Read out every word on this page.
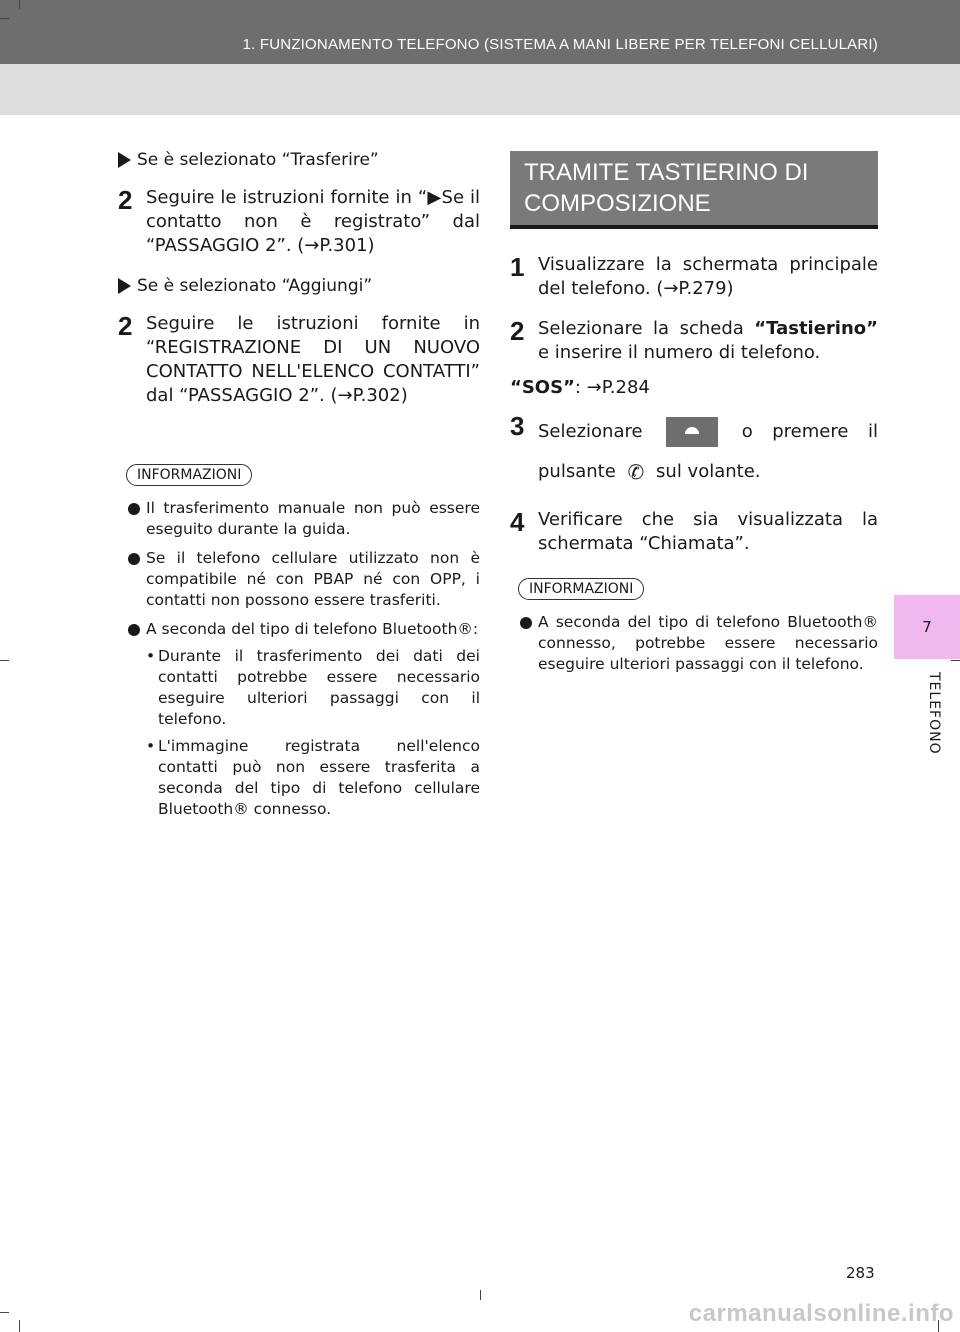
1. FUNZIONAMENTO TELEFONO (SISTEMA A MANI LIBERE PER TELEFONI CELLULARI)
7
TELEFONO
Se è selezionato “Trasferire”
2 Seguire le istruzioni fornite in “▶Se il contatto non è registrato” dal “PASSAGGIO 2”. (→P.301)
Se è selezionato “Aggiungi”
2 Seguire le istruzioni fornite in “REGISTRAZIONE DI UN NUOVO CONTATTO NELL'ELENCO CONTATTI” dal “PASSAGGIO 2”. (→P.302)
INFORMAZIONI
Il trasferimento manuale non può essere eseguito durante la guida.
Se il telefono cellulare utilizzato non è compatibile né con PBAP né con OPP, i contatti non possono essere trasferiti.
A seconda del tipo di telefono Bluetooth®:
• Durante il trasferimento dei dati dei contatti potrebbe essere necessario eseguire ulteriori passaggi con il telefono.
• L'immagine registrata nell'elenco contatti può non essere trasferita a seconda del tipo di telefono cellulare Bluetooth® connesso.
TRAMITE TASTIERINO DI COMPOSIZIONE
1 Visualizzare la schermata principale del telefono. (→P.279)
2 Selezionare la scheda “Tastierino” e inserire il numero di telefono.
“SOS”: →P.284
3 Selezionare	o premere il pulsante ✆ sul volante.
4 Verificare che sia visualizzata la schermata “Chiamata”.
INFORMAZIONI
A seconda del tipo di telefono Bluetooth® connesso, potrebbe essere necessario eseguire ulteriori passaggi con il telefono.
283
carmanualsonline.info
